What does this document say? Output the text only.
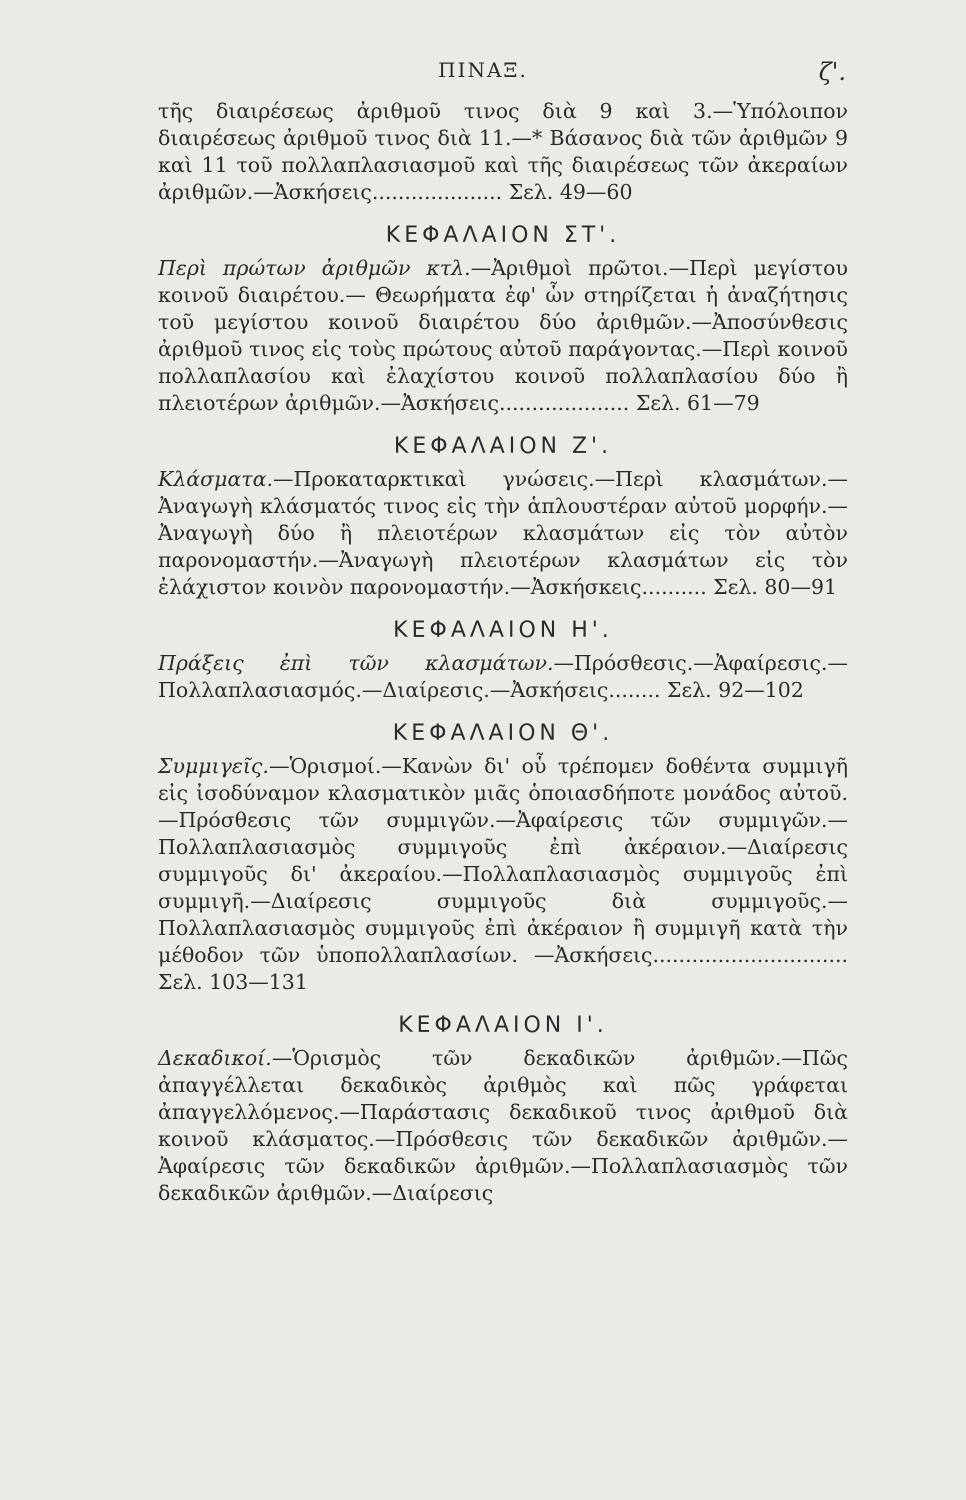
ΠΙΝΑΞ.	ζ'.

τῆς διαιρέσεως ἀριθμοῦ τινος διὰ 9 καὶ 3.—Ὑπόλοιπον διαιρέσεως ἀριθμοῦ τινος διὰ 11.—* Βάσανος διὰ τῶν ἀριθμῶν 9 καὶ 11 τοῦ πολλαπλασιασμοῦ καὶ τῆς διαιρέσεως τῶν ἀκεραίων ἀριθμῶν.—Ἀσκήσεις.................... Σελ. 49—60

ΚΕΦΑΛΑΙΟΝ ΣΤ'.

Περὶ πρώτων ἀριθμῶν κτλ.—Ἀριθμοὶ πρῶτοι.—Περὶ μεγίστου κοινοῦ διαιρέτου.— Θεωρήματα ἐφ' ὧν στηρίζεται ἡ ἀναζήτησις τοῦ μεγίστου κοινοῦ διαιρέτου δύο ἀριθμῶν.—Ἀποσύνθεσις ἀριθμοῦ τινος εἰς τοὺς πρώτους αὐτοῦ παράγοντας.—Περὶ κοινοῦ πολλαπλασίου καὶ ἐλαχίστου κοινοῦ πολλαπλασίου δύο ἢ πλειοτέρων ἀριθμῶν.—Ἀσκήσεις.................... Σελ. 61—79

ΚΕΦΑΛΑΙΟΝ Ζ'.

Κλάσματα.—Προκαταρκτικαὶ γνώσεις.—Περὶ κλασμάτων.—Ἀναγωγὴ κλάσματός τινος εἰς τὴν ἁπλουστέραν αὐτοῦ μορφήν.— Ἀναγωγὴ δύο ἢ πλειοτέρων κλασμάτων εἰς τὸν αὐτὸν παρονομαστήν.—Ἀναγωγὴ πλειοτέρων κλασμάτων εἰς τὸν ἐλάχιστον κοινὸν παρονομαστήν.—Ἀσκήσκεις.......... Σελ. 80—91

ΚΕΦΑΛΑΙΟΝ Η'.

Πράξεις ἐπὶ τῶν κλασμάτων.—Πρόσθεσις.—Ἀφαίρεσις.— Πολλαπλασιασμός.—Διαίρεσις.—Ἀσκήσεις........ Σελ. 92—102

ΚΕΦΑΛΑΙΟΝ Θ'.

Συμμιγεῖς.—Ὁρισμοί.—Κανὼν δι' οὗ τρέπομεν δοθέντα συμμιγῆ εἰς ἰσοδύναμον κλασματικὸν μιᾶς ὁποιασδήποτε μονάδος αὐτοῦ. —Πρόσθεσις τῶν συμμιγῶν.—Ἀφαίρεσις τῶν συμμιγῶν.—Πολλαπλασιασμὸς συμμιγοῦς ἐπὶ ἀκέραιον.—Διαίρεσις συμμιγοῦς δι' ἀκεραίου.—Πολλαπλασιασμὸς συμμιγοῦς ἐπὶ συμμιγῆ.—Διαίρεσις συμμιγοῦς διὰ συμμιγοῦς.—Πολλαπλασιασμὸς συμμιγοῦς ἐπὶ ἀκέραιον ἢ συμμιγῆ κατὰ τὴν μέθοδον τῶν ὑποπολλαπλασίων. —Ἀσκήσεις.............................. Σελ. 103—131

ΚΕΦΑΛΑΙΟΝ Ι'.

Δεκαδικοί.—Ὁρισμὸς τῶν δεκαδικῶν ἀριθμῶν.—Πῶς ἀπαγγέλλεται δεκαδικὸς ἀριθμὸς καὶ πῶς γράφεται ἀπαγγελλόμενος.—Παράστασις δεκαδικοῦ τινος ἀριθμοῦ διὰ κοινοῦ κλάσματος.—Πρόσθεσις τῶν δεκαδικῶν ἀριθμῶν.—Ἀφαίρεσις τῶν δεκαδικῶν ἀριθμῶν.—Πολλαπλασιασμὸς τῶν δεκαδικῶν ἀριθμῶν.—Διαίρεσις
